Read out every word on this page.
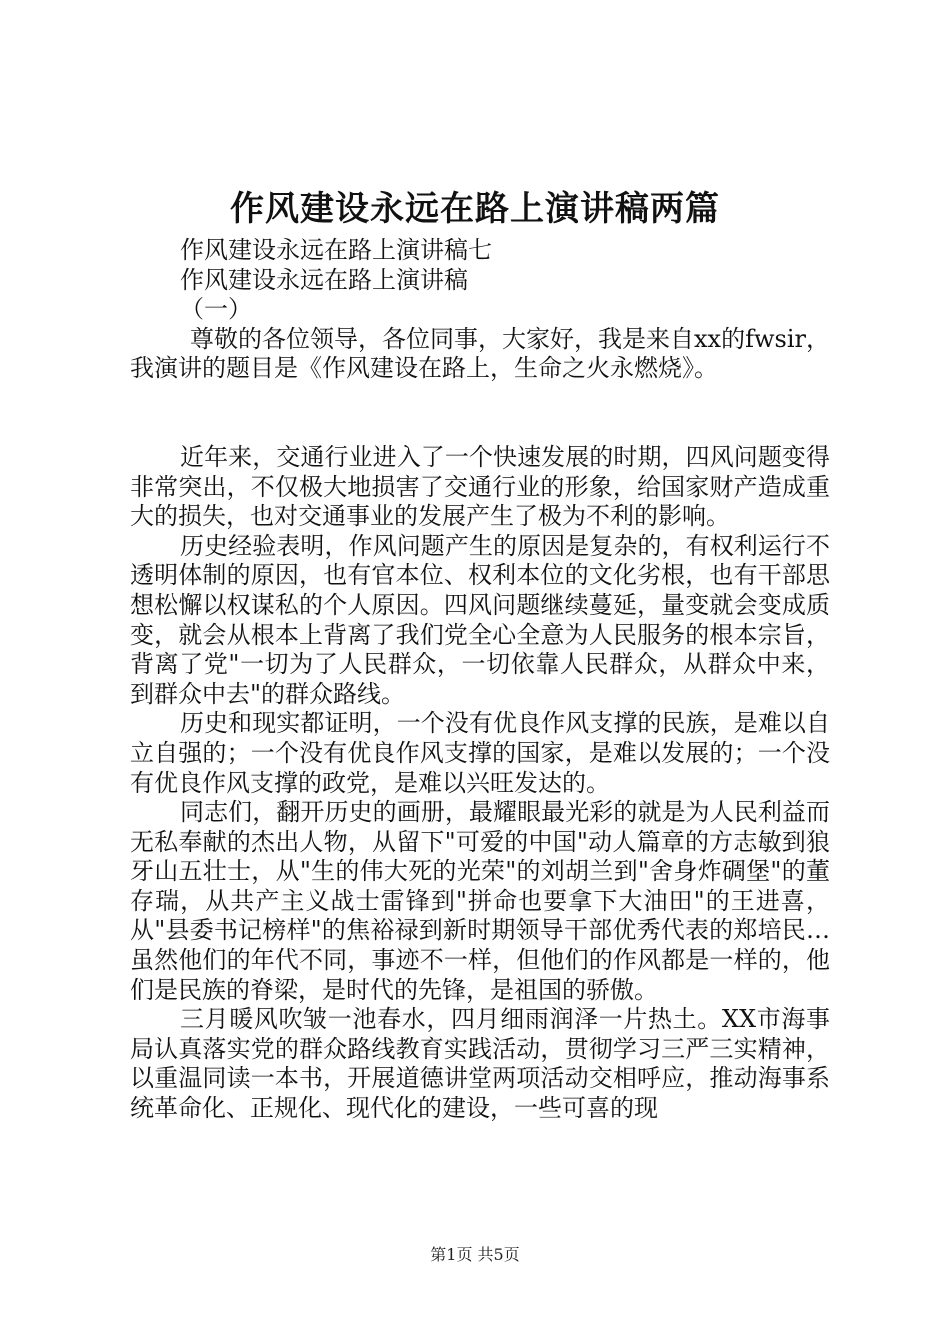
作风建设永远在路上演讲稿两篇

作风建设永远在路上演讲稿七

作风建设永远在路上演讲稿

（一）

尊敬的各位领导，各位同事，大家好，我是来自xx的fwsir，我演讲的题目是《作风建设在路上，生命之火永燃烧》。

近年来，交通行业进入了一个快速发展的时期，四风问题变得非常突出，不仅极大地损害了交通行业的形象，给国家财产造成重大的损失，也对交通事业的发展产生了极为不利的影响。

历史经验表明，作风问题产生的原因是复杂的，有权利运行不透明体制的原因，也有官本位、权利本位的文化劣根，也有干部思想松懈以权谋私的个人原因。四风问题继续蔓延，量变就会变成质变，就会从根本上背离了我们党全心全意为人民服务的根本宗旨，背离了党"一切为了人民群众，一切依靠人民群众，从群众中来，到群众中去"的群众路线。

历史和现实都证明，一个没有优良作风支撑的民族，是难以自立自强的；一个没有优良作风支撑的国家，是难以发展的；一个没有优良作风支撑的政党，是难以兴旺发达的。

同志们，翻开历史的画册，最耀眼最光彩的就是为人民利益而无私奉献的杰出人物，从留下"可爱的中国"动人篇章的方志敏到狼牙山五壮士，从"生的伟大死的光荣"的刘胡兰到"舍身炸碉堡"的董存瑞，从共产主义战士雷锋到"拼命也要拿下大油田"的王进喜，从"县委书记榜样"的焦裕禄到新时期领导干部优秀代表的郑培民…虽然他们的年代不同，事迹不一样，但他们的作风都是一样的，他们是民族的脊梁，是时代的先锋，是祖国的骄傲。

三月暖风吹皱一池春水，四月细雨润泽一片热土。XX市海事局认真落实党的群众路线教育实践活动，贯彻学习三严三实精神，以重温同读一本书，开展道德讲堂两项活动交相呼应，推动海事系统革命化、正规化、现代化的建设，一些可喜的现

第1页 共5页
